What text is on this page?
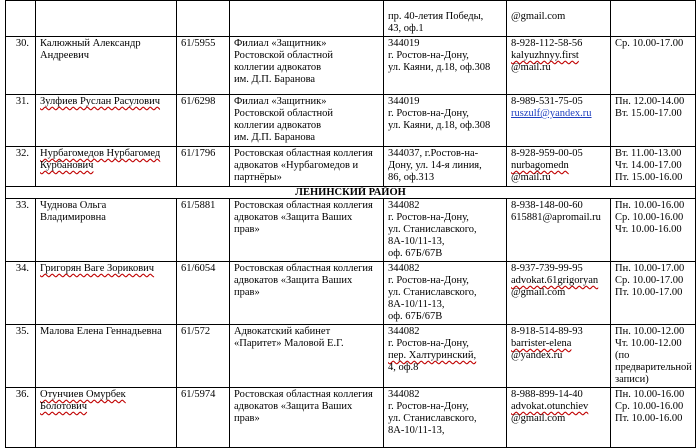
				пр. 40-летия Победы,
43, оф.1	@gmail.com	

30.	Калюжный Александр
Андреевич	61/5955	Филиал «Защитник»
Ростовской областной
коллегии адвокатов
им. Д.П. Баранова	344019
г. Ростов-на-Дону,
ул. Каяни, д.18, оф.308	8-928-112-58-56
kalyuzhnyy.first
@mail.ru	Ср. 10.00-17.00

31.	Зулфиев Руслан Расулович	61/6298	Филиал «Защитник»
Ростовской областной
коллегии адвокатов
им. Д.П. Баранова	344019
г. Ростов-на-Дону,
ул. Каяни, д.18, оф.308	8-989-531-75-05
ruszulf@yandex.ru	Пн. 12.00-14.00
Вт. 15.00-17.00

32.	Нурбагомедов Нурбагомед
Курбанович	61/1796	Ростовская областная коллегия
адвокатов «Нурбагомедов и
партнёры»	344037, г.Ростов-на-
Дону, ул. 14-я линия,
86, оф.313	8-928-959-00-05
nurbagomedn
@mail.ru	Вт. 11.00-13.00
Чт. 14.00-17.00
Пт. 15.00-16.00

ЛЕНИНСКИЙ РАЙОН						
33.	Чуднова Ольга
Владимировна	61/5881	Ростовская областная коллегия
адвокатов «Защита Ваших
прав»	344082
г. Ростов-на-Дону,
ул. Станиславского,
8А-10/11-13,
оф. 67Б/67В	8-938-148-00-60
615881@apromail.ru	Пн. 10.00-16.00
Ср. 10.00-16.00
Чт. 10.00-16.00

34.	Григорян Ваге Зорикович	61/6054	Ростовская областная коллегия
адвокатов «Защита Ваших
прав»	344082
г. Ростов-на-Дону,
ул. Станиславского,
8А-10/11-13,
оф. 67Б/67В	8-937-739-99-95
advokat.61grigoryan
@gmail.com	Пн. 10.00-17.00
Ср. 10.00-17.00
Пт. 10.00-17.00

35.	Малова Елена Геннадьевна	61/572	Адвокатский кабинет
«Паритет» Маловой Е.Г.	344082
г. Ростов-на-Дону,
пер. Халтуринский,
4, оф.8	8-918-514-89-93
barrister-elena
@yandex.ru	Пн. 10.00-12.00
Чт. 10.00-12.00
(по
предварительной
записи)

36.	Отунчиев Омурбек
Болотович	61/5974	Ростовская областная коллегия
адвокатов «Защита Ваших
прав»	344082
г. Ростов-на-Дону,
ул. Станиславского,
8А-10/11-13,	8-988-899-14-40
advokat.otunchiev
@gmail.com	Пн. 10.00-16.00
Ср. 10.00-16.00
Пт. 10.00-16.00
